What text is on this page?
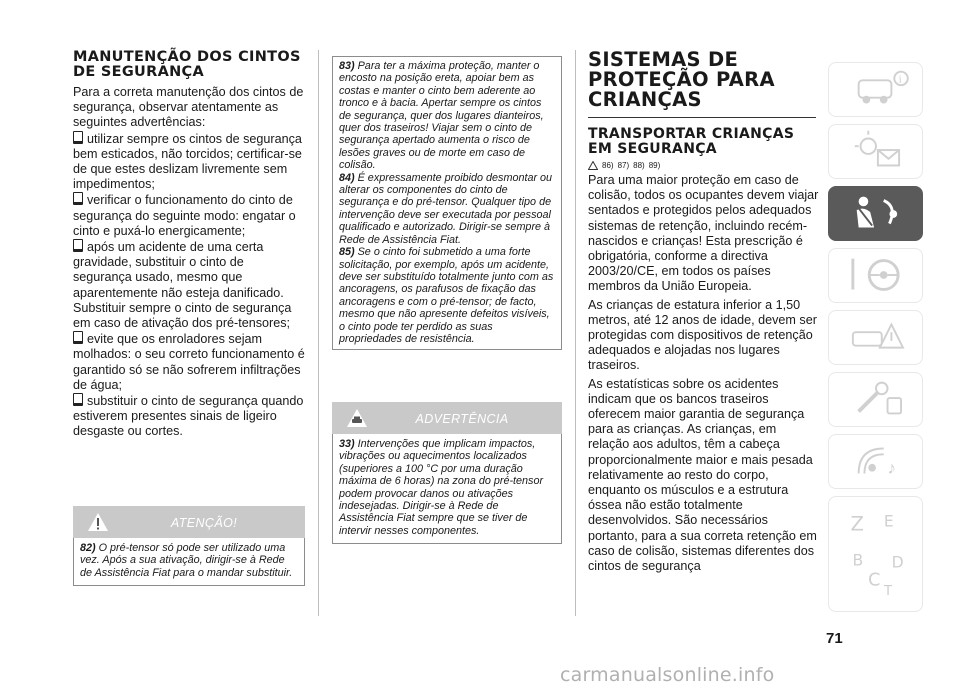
MANUTENÇÃO DOS CINTOS DE SEGURANÇA

Para a correta manutenção dos cintos de segurança, observar atentamente as seguintes advertências:

utilizar sempre os cintos de segurança bem esticados, não torcidos; certificar-se de que estes deslizam livremente sem impedimentos;

verificar o funcionamento do cinto de segurança do seguinte modo: engatar o cinto e puxá-lo energicamente;

após um acidente de uma certa gravidade, substituir o cinto de segurança usado, mesmo que aparentemente não esteja danificado. Substituir sempre o cinto de segurança em caso de ativação dos pré-tensores;

evite que os enroladores sejam molhados: o seu correto funcionamento é garantido só se não sofrerem infiltrações de água;

substituir o cinto de segurança quando estiverem presentes sinais de ligeiro desgaste ou cortes.

ATENÇÃO!

82) O pré-tensor só pode ser utilizado uma vez. Após a sua ativação, dirigir-se à Rede de Assistência Fiat para o mandar substituir.

83) Para ter a máxima proteção, manter o encosto na posição ereta, apoiar bem as costas e manter o cinto bem aderente ao tronco e à bacia. Apertar sempre os cintos de segurança, quer dos lugares dianteiros, quer dos traseiros! Viajar sem o cinto de segurança apertado aumenta o risco de lesões graves ou de morte em caso de colisão.

84) É expressamente proibido desmontar ou alterar os componentes do cinto de segurança e do pré-tensor. Qualquer tipo de intervenção deve ser executada por pessoal qualificado e autorizado. Dirigir-se sempre à Rede de Assistência Fiat.

85) Se o cinto foi submetido a uma forte solicitação, por exemplo, após um acidente, deve ser substituído totalmente junto com as ancoragens, os parafusos de fixação das ancoragens e com o pré-tensor; de facto, mesmo que não apresente defeitos visíveis, o cinto pode ter perdido as suas propriedades de resistência.

ADVERTÊNCIA

33) Intervenções que implicam impactos, vibrações ou aquecimentos localizados (superiores a 100 °C por uma duração máxima de 6 horas) na zona do pré-tensor podem provocar danos ou ativações indesejadas. Dirigir-se à Rede de Assistência Fiat sempre que se tiver de intervir nesses componentes.

SISTEMAS DE PROTEÇÃO PARA CRIANÇAS
TRANSPORTAR CRIANÇAS EM SEGURANÇA
86) 87) 88) 89)

Para uma maior proteção em caso de colisão, todos os ocupantes devem viajar sentados e protegidos pelos adequados sistemas de retenção, incluindo recém-nascidos e crianças! Esta prescrição é obrigatória, conforme a directiva 2003/20/CE, em todos os países membros da União Europeia.

As crianças de estatura inferior a 1,50 metros, até 12 anos de idade, devem ser protegidas com dispositivos de retenção adequados e alojadas nos lugares traseiros.

As estatísticas sobre os acidentes indicam que os bancos traseiros oferecem maior garantia de segurança para as crianças. As crianças, em relação aos adultos, têm a cabeça proporcionalmente maior e mais pesada relativamente ao resto do corpo, enquanto os músculos e a estrutura óssea não estão totalmente desenvolvidos. São necessários portanto, para a sua correta retenção em caso de colisão, sistemas diferentes dos cintos de segurança

i
♪
Z E
B
C
T
D
71
carmanualsonline.info
